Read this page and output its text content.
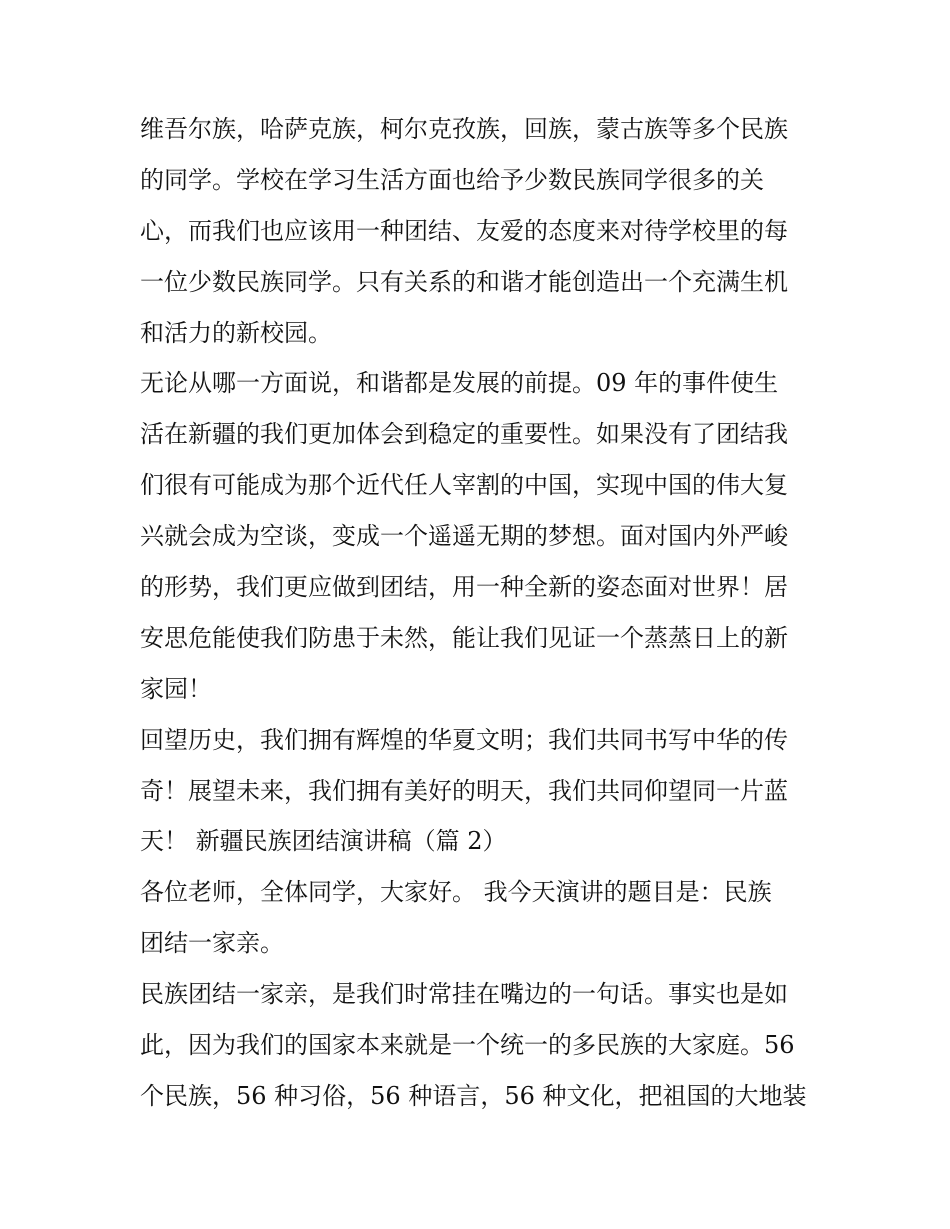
维吾尔族，哈萨克族，柯尔克孜族，回族，蒙古族等多个民族
的同学。学校在学习生活方面也给予少数民族同学很多的关
心，而我们也应该用一种团结、友爱的态度来对待学校里的每
一位少数民族同学。只有关系的和谐才能创造出一个充满生机
和活力的新校园。
无论从哪一方面说，和谐都是发展的前提。09 年的事件使生
活在新疆的我们更加体会到稳定的重要性。如果没有了团结我
们很有可能成为那个近代任人宰割的中国，实现中国的伟大复
兴就会成为空谈，变成一个遥遥无期的梦想。面对国内外严峻
的形势，我们更应做到团结，用一种全新的姿态面对世界！居
安思危能使我们防患于未然，能让我们见证一个蒸蒸日上的新
家园！
回望历史，我们拥有辉煌的华夏文明；我们共同书写中华的传
奇！展望未来，我们拥有美好的明天，我们共同仰望同一片蓝
天！ 新疆民族团结演讲稿（篇 2）
各位老师，全体同学，大家好。 我今天演讲的题目是：民族
团结一家亲。
民族团结一家亲，是我们时常挂在嘴边的一句话。事实也是如
此，因为我们的国家本来就是一个统一的多民族的大家庭。56
个民族，56 种习俗，56 种语言，56 种文化，把祖国的大地装
